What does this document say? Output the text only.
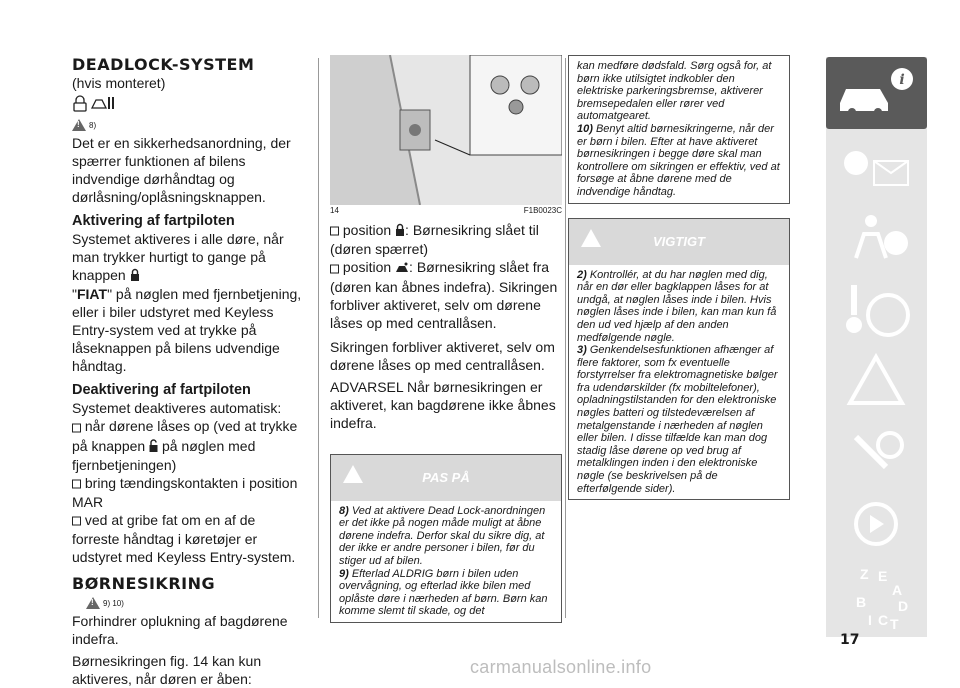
DEADLOCK-SYSTEM

(hvis monteret)

!
8)

Det er en sikkerhedsanordning, der spærrer funktionen af bilens indvendige dørhåndtag og dørlåsning/oplåsningsknappen.

Aktivering af fartpiloten

Systemet aktiveres i alle døre, når man trykker hurtigt to gange på knappen
"FIAT" på nøglen med fjernbetjening, eller i biler udstyret med Keyless Entry-system ved at trykke på låseknappen på bilens udvendige håndtag.

Deaktivering af fartpiloten

Systemet deaktiveres automatisk:

når dørene låses op (ved at trykke på knappen  på nøglen med fjernbetjeningen)

bring tændingskontakten i position MAR

ved at gribe fat om en af de forreste håndtag i køretøjer er udstyret med Keyless Entry-system.

BØRNESIKRING
!
9) 10)

Forhindrer oplukning af bagdørene indefra.

Børnesikringen fig. 14 kan kun aktiveres, når døren er åben:

14	F1B0023C

position : Børnesikring slået til (døren spærret)

position : Børnesikring slået fra (døren kan åbnes indefra). Sikringen forbliver aktiveret, selv om dørene låses op med centrallåsen.

Sikringen forbliver aktiveret, selv om dørene låses op med centrallåsen.

ADVARSEL Når børnesikringen er aktiveret, kan bagdørene ikke åbnes indefra.

PAS PÅ
8) Ved at aktivere Dead Lock-anordningen er det ikke på nogen måde muligt at åbne dørene indefra. Derfor skal du sikre dig, at der ikke er andre personer i bilen, før du stiger ud af bilen.
9) Efterlad ALDRIG børn i bilen uden overvågning, og efterlad ikke bilen med oplåste døre i nærheden af børn. Børn kan komme slemt til skade, og det
kan medføre dødsfald. Sørg også for, at børn ikke utilsigtet indkobler den elektriske parkeringsbremse, aktiverer bremsepedalen eller rører ved automatgearet.
10) Benyt altid børnesikringerne, når der er børn i bilen. Efter at have aktiveret børnesikringen i begge døre skal man kontrollere om sikringen er effektiv, ved at forsøge at åbne dørene med de indvendige håndtag.
VIGTIGT
2) Kontrollér, at du har nøglen med dig, når en dør eller bagklappen låses for at undgå, at nøglen låses inde i bilen. Hvis nøglen låses inde i bilen, kan man kun få den ud ved hjælp af den anden medfølgende nøgle.
3) Genkendelsesfunktionen afhænger af flere faktorer, som fx eventuelle forstyrrelser fra elektromagnetiske bølger fra udendørskilder (fx mobiltelefoner), opladningstilstanden for den elektroniske nøgles batteri og tilstedeværelsen af metalgenstande i nærheden af nøglen eller bilen. I disse tilfælde kan man dog stadig låse dørene op ved brug af metalklingen inden i den elektroniske nøgle (se beskrivelsen på de efterfølgende sider).
i
Z E
A
B
I C T
D
17
carmanualsonline.info
